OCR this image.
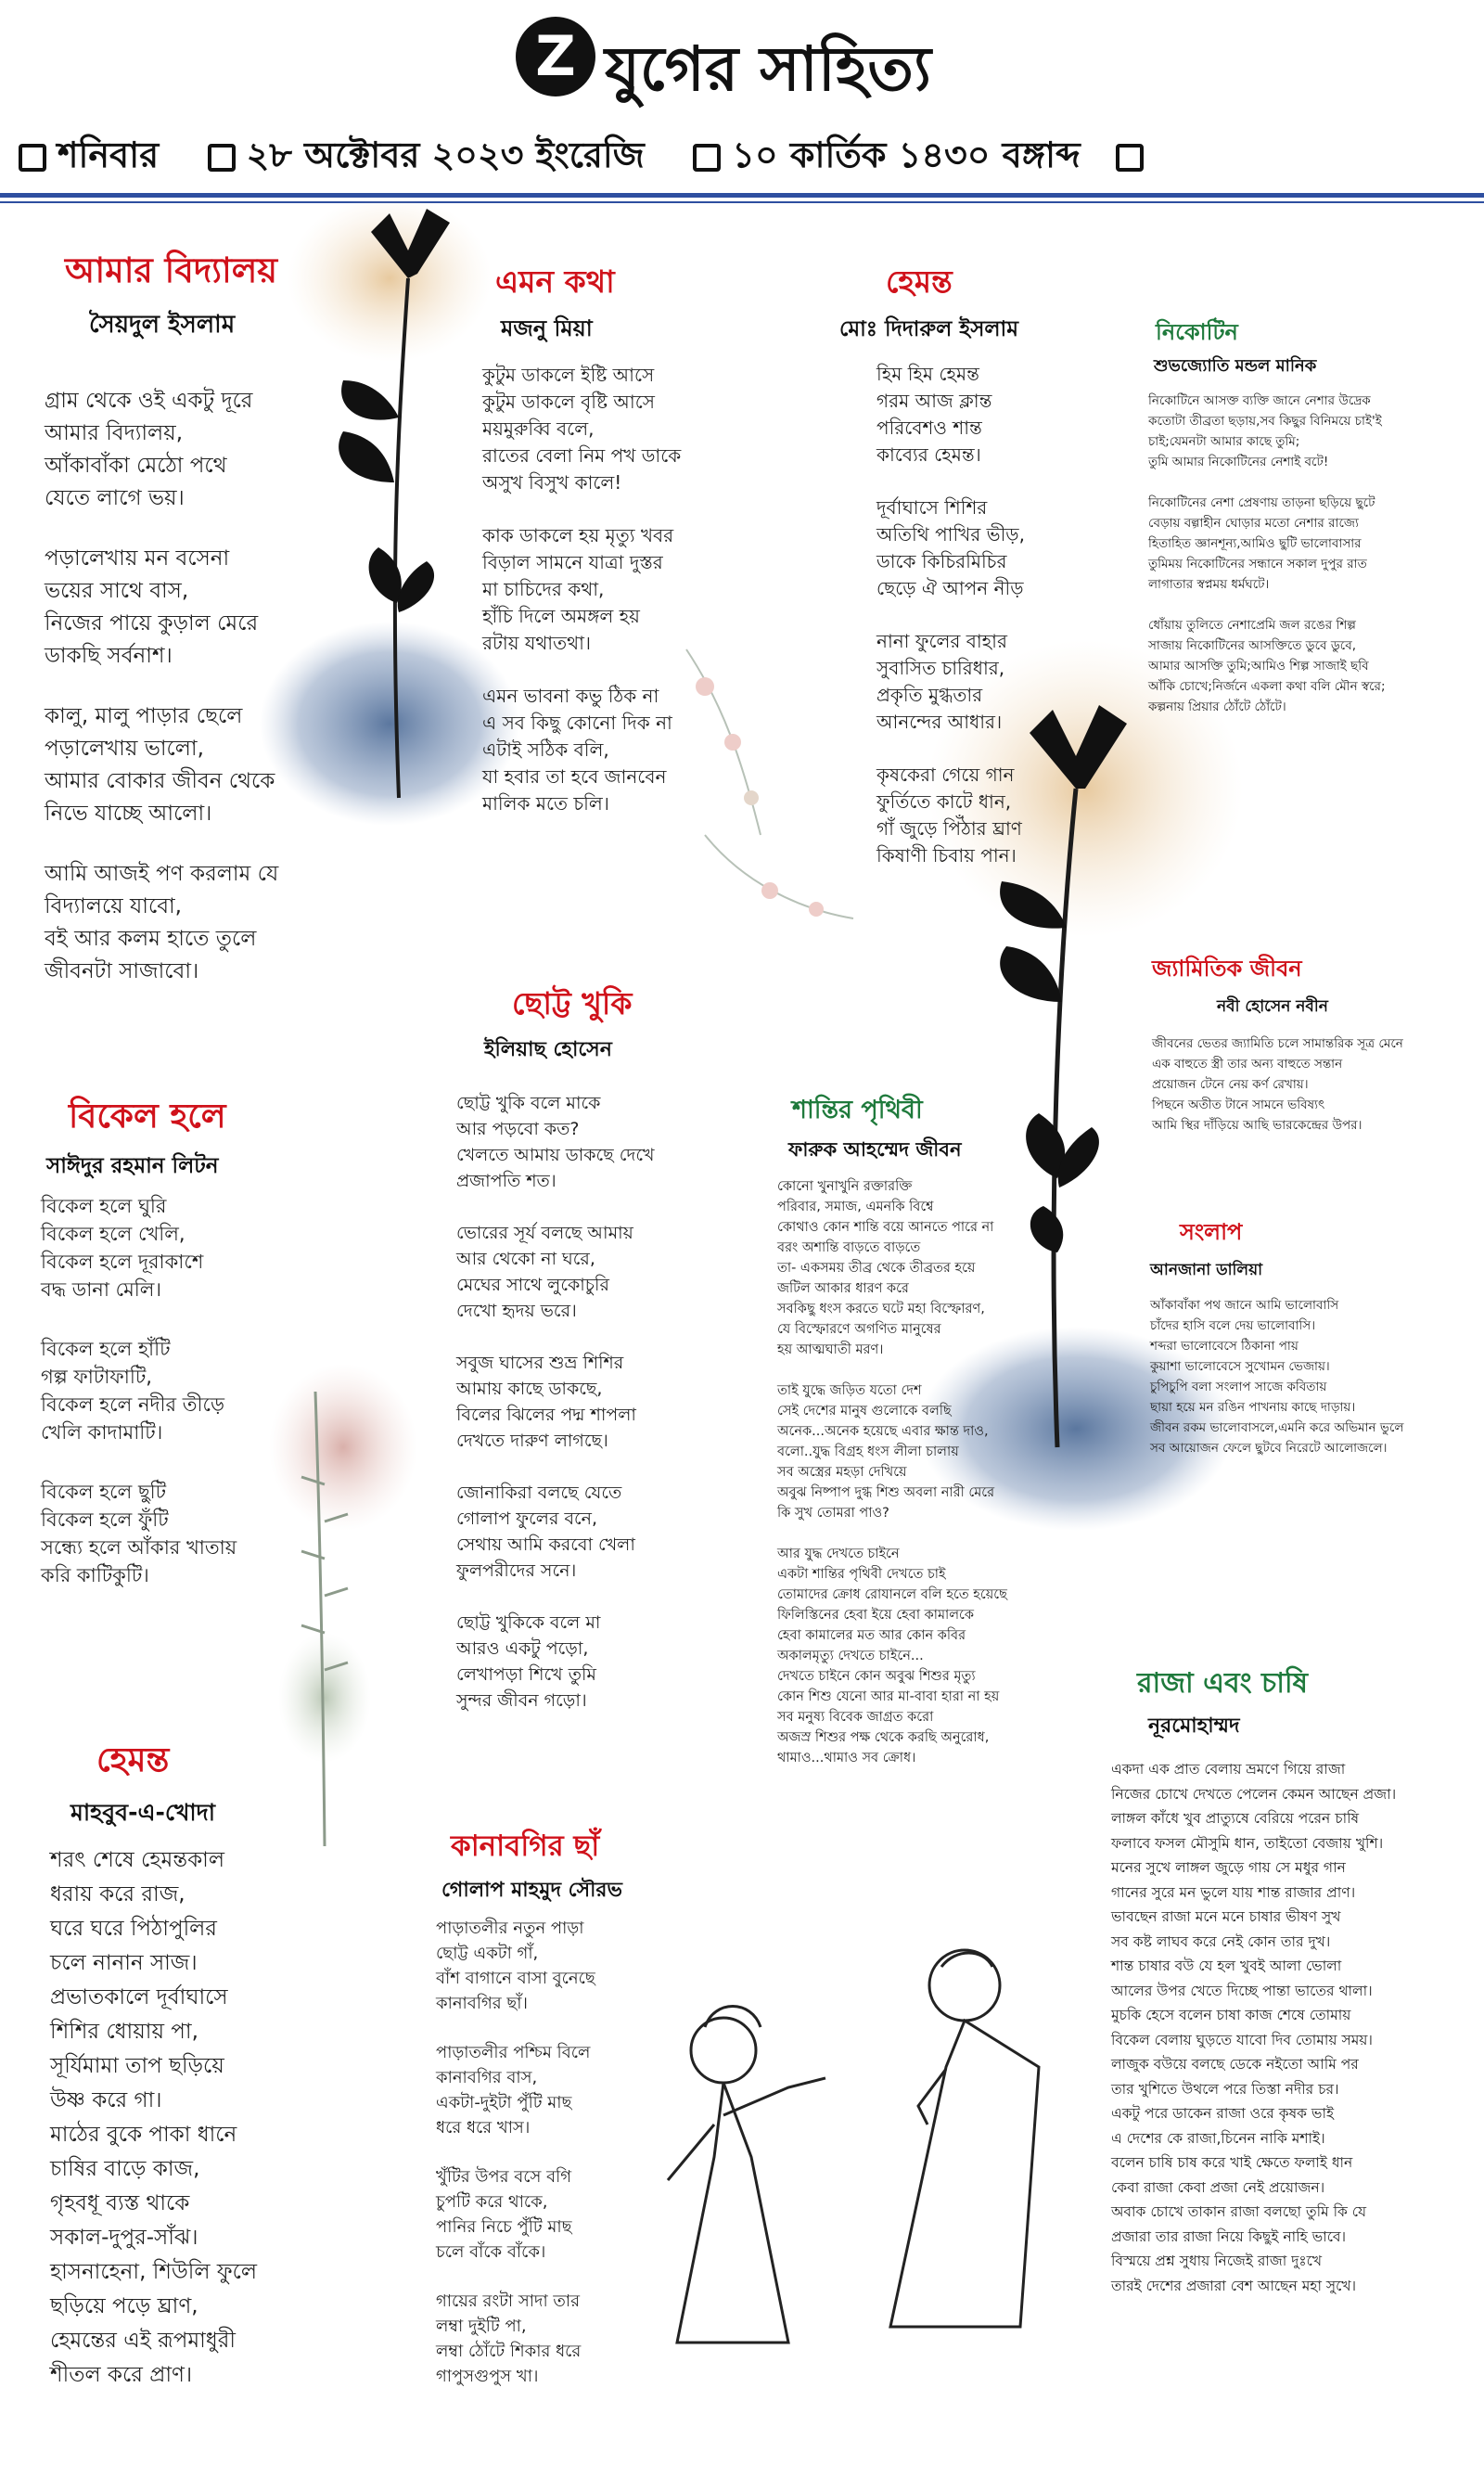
Z যুগের সাহিত্য
শনিবার ২৮ অক্টোবর ২০২৩ ইংরেজি ১০ কার্তিক ১৪৩০ বঙ্গাব্দ
আমার বিদ্যালয়
সৈয়দুল ইসলাম
গ্রাম থেকে ওই একটু দূরে
আমার বিদ্যালয়,
আঁকাবাঁকা মেঠো পথে
যেতে লাগে ভয়।
পড়ালেখায় মন বসেনা
ভয়ের সাথে বাস,
নিজের পায়ে কুড়াল মেরে
ডাকছি সর্বনাশ।
কালু, মালু পাড়ার ছেলে
পড়ালেখায় ভালো,
আমার বোকার জীবন থেকে
নিভে যাচ্ছে আলো।
আমি আজই পণ করলাম যে
বিদ্যালয়ে যাবো,
বই আর কলম হাতে তুলে
জীবনটা সাজাবো।
এমন কথা
মজনু মিয়া
কুটুম ডাকলে ইষ্টি আসে
কুটুম ডাকলে বৃষ্টি আসে
ময়মুরুব্বি বলে,
রাতের বেলা নিম পখ ডাকে
অসুখ বিসুখ কালে!
কাক ডাকলে হয় মৃত্যু খবর
বিড়াল সামনে যাত্রা দুস্তর
মা চাচিদের কথা,
হাঁচি দিলে অমঙ্গল হয়
রটায় যথাতথা।
এমন ভাবনা কভু ঠিক না
এ সব কিছু কোনো দিক না
এটাই সঠিক বলি,
যা হবার তা হবে জানবেন
মালিক মতে চলি।
হেমন্ত
মোঃ দিদারুল ইসলাম
হিম হিম হেমন্ত
গরম আজ ক্লান্ত
পরিবেশও শান্ত
কাব্যের হেমন্ত।
দূর্বাঘাসে শিশির
অতিথি পাখির ভীড়,
ডাকে কিচিরমিচির
ছেড়ে ঐ আপন নীড়
নানা ফুলের বাহার
সুবাসিত চারিধার,
প্রকৃতি মুগ্ধতার
আনন্দের আধার।
কৃষকেরা গেয়ে গান
ফুর্তিতে কাটে ধান,
গাঁ জুড়ে পিঁঠার ঘ্রাণ
কিষাণী চিবায় পান।
নিকোটিন
শুভজ্যোতি মন্ডল মানিক
নিকোটিনে আসক্ত ব্যক্তি জানে নেশার উদ্রেক
কতোটা তীব্রতা ছড়ায়,সব কিছুর বিনিময়ে চাই'ই
চাই;যেমনটা আমার কাছে তুমি;
তুমি আমার নিকোটিনের নেশাই বটে!
নিকোটিনের নেশা প্রেষণায় তাড়না ছড়িয়ে ছুটে
বেড়ায় বল্গাহীন ঘোড়ার মতো নেশার রাজ্যে
হিতাহিত জ্ঞানশূন্য,আমিও ছুটি ভালোবাসার
তুমিময় নিকোটিনের সন্ধানে সকাল দুপুর রাত
লাগাতার স্বপ্নময় ধর্মঘটে।
ধোঁয়ায় তুলিতে নেশাপ্রেমি জল রঙের শিল্প
সাজায় নিকোটিনের আসক্তিতে ডুবে ডুবে,
আমার আসক্তি তুমি;আমিও শিল্প সাজাই ছবি
আঁকি চোখে;নির্জনে একলা কথা বলি মৌন স্বরে;
কল্পনায় প্রিয়ার ঠোঁটে ঠোঁটে।
জ্যামিতিক জীবন
নবী হোসেন নবীন
জীবনের ভেতর জ্যামিতি চলে সামান্তরিক সূত্র মেনে
এক বাহুতে স্ত্রী তার অন্য বাহুতে সন্তান
প্রয়োজন টেনে নেয় কর্ণ রেখায়।
পিছনে অতীত টানে সামনে ভবিষ্যৎ
আমি স্থির দাঁড়িয়ে আছি ভারকেন্দ্রের উপর।
সংলাপ
আনজানা ডালিয়া
আঁকাবাঁকা পথ জানে আমি ভালোবাসি
চাঁদের হাসি বলে দেয় ভালোবাসি।
শব্দরা ভালোবেসে ঠিকানা পায়
কুয়াশা ভালোবেসে সুখোমন ভেজায়।
চুপিচুপি বলা সংলাপ সাজে কবিতায়
ছায়া হয়ে মন রঙিন পাখনায় কাছে দাড়ায়।
জীবন রকম ভালোবাসলে,এমনি করে অভিমান ভুলে
সব আয়োজন ফেলে ছুটবে নিরেটে আলোজলে।
বিকেল হলে
সাঈদুর রহমান লিটন
বিকেল হলে ঘুরি
বিকেল হলে খেলি,
বিকেল হলে দূরাকাশে
বদ্ধ ডানা মেলি।
বিকেল হলে হাঁটি
গল্প ফাটাফাটি,
বিকেল হলে নদীর তীড়ে
খেলি কাদামাটি।
বিকেল হলে ছুটি
বিকেল হলে ফুঁটি
সন্ধ্যে হলে আঁকার খাতায়
করি কাটিকুটি।
ছোট্ট খুকি
ইলিয়াছ হোসেন
ছোট্ট খুকি বলে মাকে
আর পড়বো কত?
খেলতে আমায় ডাকছে দেখে
প্রজাপতি শত।
ভোরের সূর্য বলছে আমায়
আর থেকো না ঘরে,
মেঘের সাথে লুকোচুরি
দেখো হৃদয় ভরে।
সবুজ ঘাসের শুভ্র শিশির
আমায় কাছে ডাকছে,
বিলের ঝিলের পদ্ম শাপলা
দেখতে দারুণ লাগছে।
জোনাকিরা বলছে যেতে
গোলাপ ফুলের বনে,
সেথায় আমি করবো খেলা
ফুলপরীদের সনে।
ছোট্ট খুকিকে বলে মা
আরও একটু পড়ো,
লেখাপড়া শিখে তুমি
সুন্দর জীবন গড়ো।
শান্তির পৃথিবী
ফারুক আহম্মেদ জীবন
কোনো খুনাখুনি রক্তারক্তি
পরিবার, সমাজ, এমনকি বিশ্বে
কোথাও কোন শান্তি বয়ে আনতে পারে না
বরং অশান্তি বাড়তে বাড়তে
তা- একসময় তীব্র থেকে তীব্রতর হয়ে
জটিল আকার ধারণ করে
সবকিছু ধংস করতে ঘটে মহা বিস্ফোরণ,
যে বিস্ফোরণে অগণিত মানুষের
হয় আত্মঘাতী মরণ।
তাই যুদ্ধে জড়িত যতো দেশ
সেই দেশের মানুষ গুলোকে বলছি
অনেক...অনেক হয়েছে এবার ক্ষান্ত দাও,
বলো..যুদ্ধ বিগ্রহ ধংস লীলা চালায়
সব অস্ত্রের মহড়া দেখিয়ে
অবুঝ নিষ্পাপ দুগ্ধ শিশু অবলা নারী মেরে
কি সুখ তোমরা পাও?
আর যুদ্ধ দেখতে চাইনে
একটা শান্তির পৃথিবী দেখতে চাই
তোমাদের ক্রোধ রোযানলে বলি হতে হয়েছে
ফিলিস্তিনের হেবা ইয়ে হেবা কামালকে
হেবা কামালের মত আর কোন কবির
অকালমৃত্যু দেখতে চাইনে...
দেখতে চাইনে কোন অবুঝ শিশুর মৃত্যু
কোন শিশু যেনো আর মা-বাবা হারা না হয়
সব মনুষ্য বিবেক জাগ্রত করো
অজস্র শিশুর পক্ষ থেকে করছি অনুরোধ,
থামাও...থামাও সব ক্রোধ।
হেমন্ত
মাহবুব-এ-খোদা
শরৎ শেষে হেমন্তকাল
ধরায় করে রাজ,
ঘরে ঘরে পিঠাপুলির
চলে নানান সাজ।
প্রভাতকালে দূর্বাঘাসে
শিশির ধোয়ায় পা,
সূর্যিমামা তাপ ছড়িয়ে
উষ্ণ করে গা।
মাঠের বুকে পাকা ধানে
চাষির বাড়ে কাজ,
গৃহবধূ ব্যস্ত থাকে
সকাল-দুপুর-সাঁঝ।
হাসনাহেনা, শিউলি ফুলে
ছড়িয়ে পড়ে ঘ্রাণ,
হেমন্তের এই রূপমাধুরী
শীতল করে প্রাণ।
কানাবগির ছাঁ
গোলাপ মাহমুদ সৌরভ
পাড়াতলীর নতুন পাড়া
ছোট্ট একটা গাঁ,
বাঁশ বাগানে বাসা বুনেছে
কানাবগির ছাঁ।
পাড়াতলীর পশ্চিম বিলে
কানাবগির বাস,
একটা-দুইটা পুঁটি মাছ
ধরে ধরে খাস।
খুঁটির উপর বসে বগি
চুপটি করে থাকে,
পানির নিচে পুঁটি মাছ
চলে বাঁকে বাঁকে।
গায়ের রংটা সাদা তার
লম্বা দুইটি পা,
লম্বা ঠোঁটে শিকার ধরে
গাপুসগুপুস খা।
রাজা এবং চাষি
নূরমোহাম্মদ
একদা এক প্রাত বেলায় ভ্রমণে গিয়ে রাজা
নিজের চোখে দেখতে পেলেন কেমন আছেন প্রজা।
লাঙ্গল কাঁধে খুব প্রাত্যুষে বেরিয়ে পরেন চাষি
ফলাবে ফসল মৌসুমি ধান, তাইতো বেজায় খুশি।
মনের সুখে লাঙ্গল জুড়ে গায় সে মধুর গান
গানের সুরে মন ভুলে যায় শান্ত রাজার প্রাণ।
ভাবছেন রাজা মনে মনে চাষার ভীষণ সুখ
সব কষ্ট লাঘব করে নেই কোন তার দুখ।
শান্ত চাষার বউ যে হল খুবই আলা ভোলা
আলের উপর খেতে দিচ্ছে পান্তা ভাতের থালা।
মুচকি হেসে বলেন চাষা কাজ শেষে তোমায়
বিকেল বেলায় ঘুড়তে যাবো দিব তোমায় সময়।
লাজুক বউয়ে বলছে ডেকে নইতো আমি পর
তার খুশিতে উথলে পরে তিস্তা নদীর চর।
একটু পরে ডাকেন রাজা ওরে কৃষক ভাই
এ দেশের কে রাজা,চিনেন নাকি মশাই।
বলেন চাষি চাষ করে খাই ক্ষেতে ফলাই ধান
কেবা রাজা কেবা প্রজা নেই প্রয়োজন।
অবাক চোখে তাকান রাজা বলছো তুমি কি যে
প্রজারা তার রাজা নিয়ে কিছুই নাহি ভাবে।
বিস্ময়ে প্রশ্ন সুধায় নিজেই রাজা দুঃখে
তারই দেশের প্রজারা বেশ আছেন মহা সুখে।
